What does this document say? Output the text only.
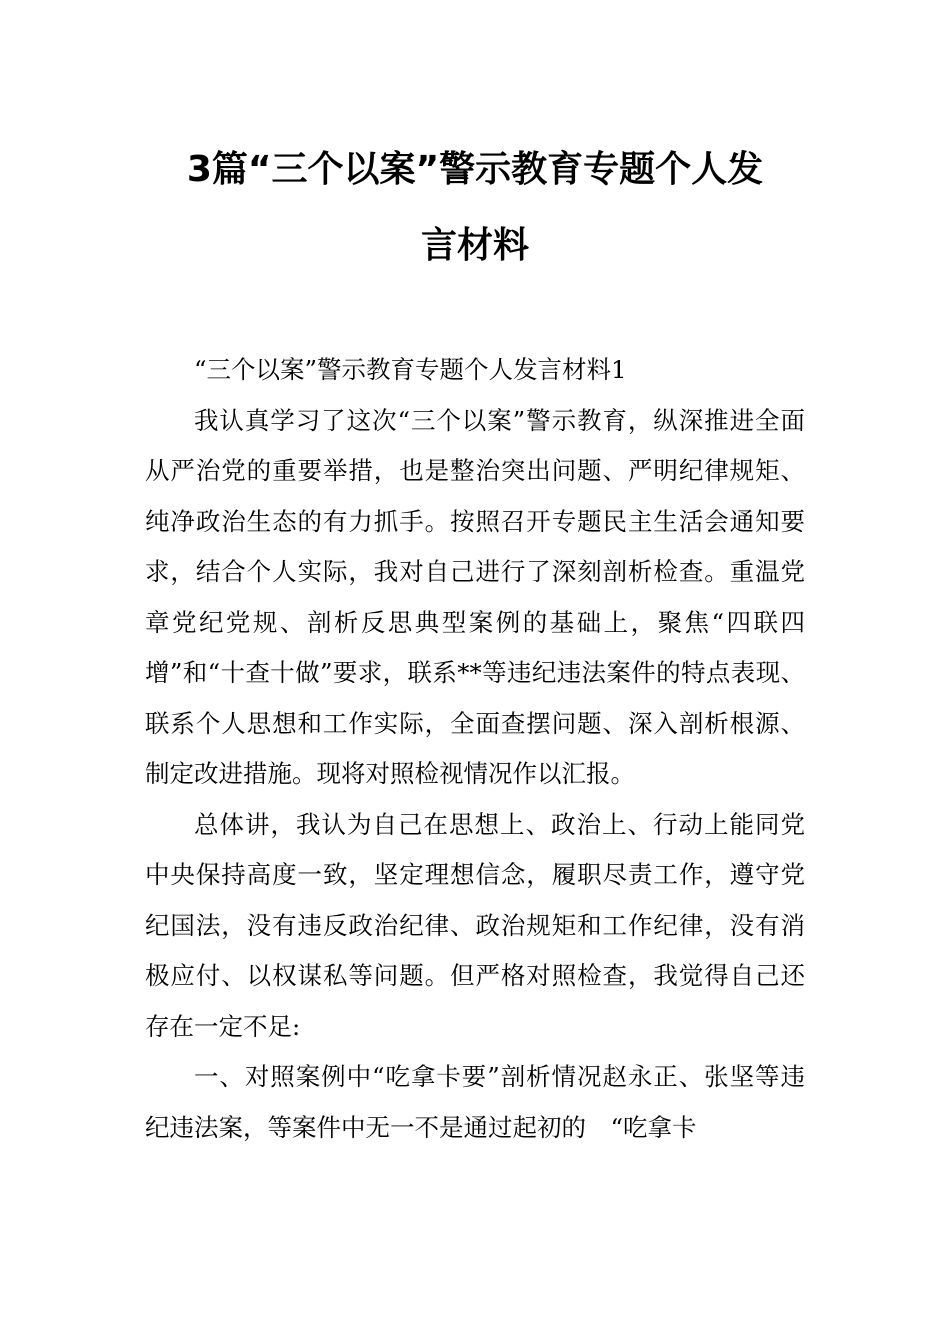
3篇“三个以案”警示教育专题个人发
言材料

“三个以案”警示教育专题个人发言材料1

我认真学习了这次“三个以案”警示教育，纵深推进全面从严治党的重要举措，也是整治突出问题、严明纪律规矩、纯净政治生态的有力抓手。按照召开专题民主生活会通知要求，结合个人实际，我对自己进行了深刻剖析检查。重温党章党纪党规、剖析反思典型案例的基础上，聚焦“四联四增”和“十查十做”要求，联系**等违纪违法案件的特点表现、联系个人思想和工作实际，全面查摆问题、深入剖析根源、制定改进措施。现将对照检视情况作以汇报。

总体讲，我认为自己在思想上、政治上、行动上能同党中央保持高度一致，坚定理想信念，履职尽责工作，遵守党纪国法，没有违反政治纪律、政治规矩和工作纪律，没有消极应付、以权谋私等问题。但严格对照检查，我觉得自己还存在一定不足:

一、对照案例中“吃拿卡要”剖析情况赵永正、张坚等违纪违法案，等案件中无一不是通过起初的　“吃拿卡
